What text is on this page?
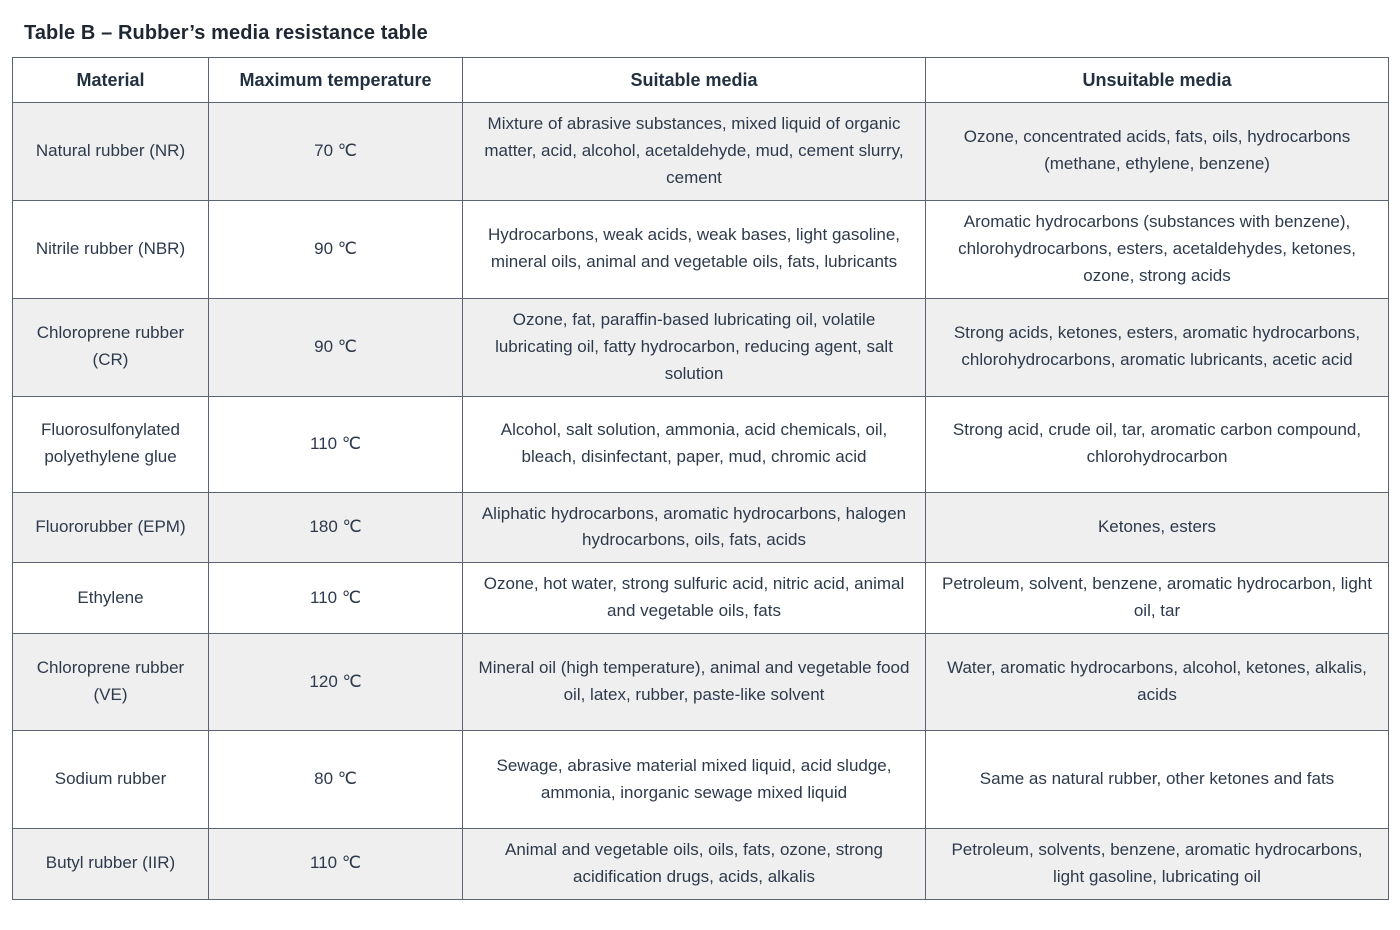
Table B – Rubber’s media resistance table
Material	Maximum temperature	Suitable media	Unsuitable media
Natural rubber (NR)	70 ℃	Mixture of abrasive substances, mixed liquid of organic matter, acid, alcohol, acetaldehyde, mud, cement slurry, cement	Ozone, concentrated acids, fats, oils, hydrocarbons (methane, ethylene, benzene)
Nitrile rubber (NBR)	90 ℃	Hydrocarbons, weak acids, weak bases, light gasoline, mineral oils, animal and vegetable oils, fats, lubricants	Aromatic hydrocarbons (substances with benzene), chlorohydrocarbons, esters, acetaldehydes, ketones, ozone, strong acids
Chloroprene rubber (CR)	90 ℃	Ozone, fat, paraffin-based lubricating oil, volatile lubricating oil, fatty hydrocarbon, reducing agent, salt solution	Strong acids, ketones, esters, aromatic hydrocarbons, chlorohydrocarbons, aromatic lubricants, acetic acid
Fluorosulfonylated polyethylene glue	110 ℃	Alcohol, salt solution, ammonia, acid chemicals, oil, bleach, disinfectant, paper, mud, chromic acid	Strong acid, crude oil, tar, aromatic carbon compound, chlorohydrocarbon
Fluororubber (EPM)	180 ℃	Aliphatic hydrocarbons, aromatic hydrocarbons, halogen hydrocarbons, oils, fats, acids	Ketones, esters
Ethylene	110 ℃	Ozone, hot water, strong sulfuric acid, nitric acid, animal and vegetable oils, fats	Petroleum, solvent, benzene, aromatic hydrocarbon, light oil, tar
Chloroprene rubber (VE)	120 ℃	Mineral oil (high temperature), animal and vegetable food oil, latex, rubber, paste-like solvent	Water, aromatic hydrocarbons, alcohol, ketones, alkalis, acids
Sodium rubber	80 ℃	Sewage, abrasive material mixed liquid, acid sludge, ammonia, inorganic sewage mixed liquid	Same as natural rubber, other ketones and fats
Butyl rubber (IIR)	110 ℃	Animal and vegetable oils, oils, fats, ozone, strong acidification drugs, acids, alkalis	Petroleum, solvents, benzene, aromatic hydrocarbons, light gasoline, lubricating oil
